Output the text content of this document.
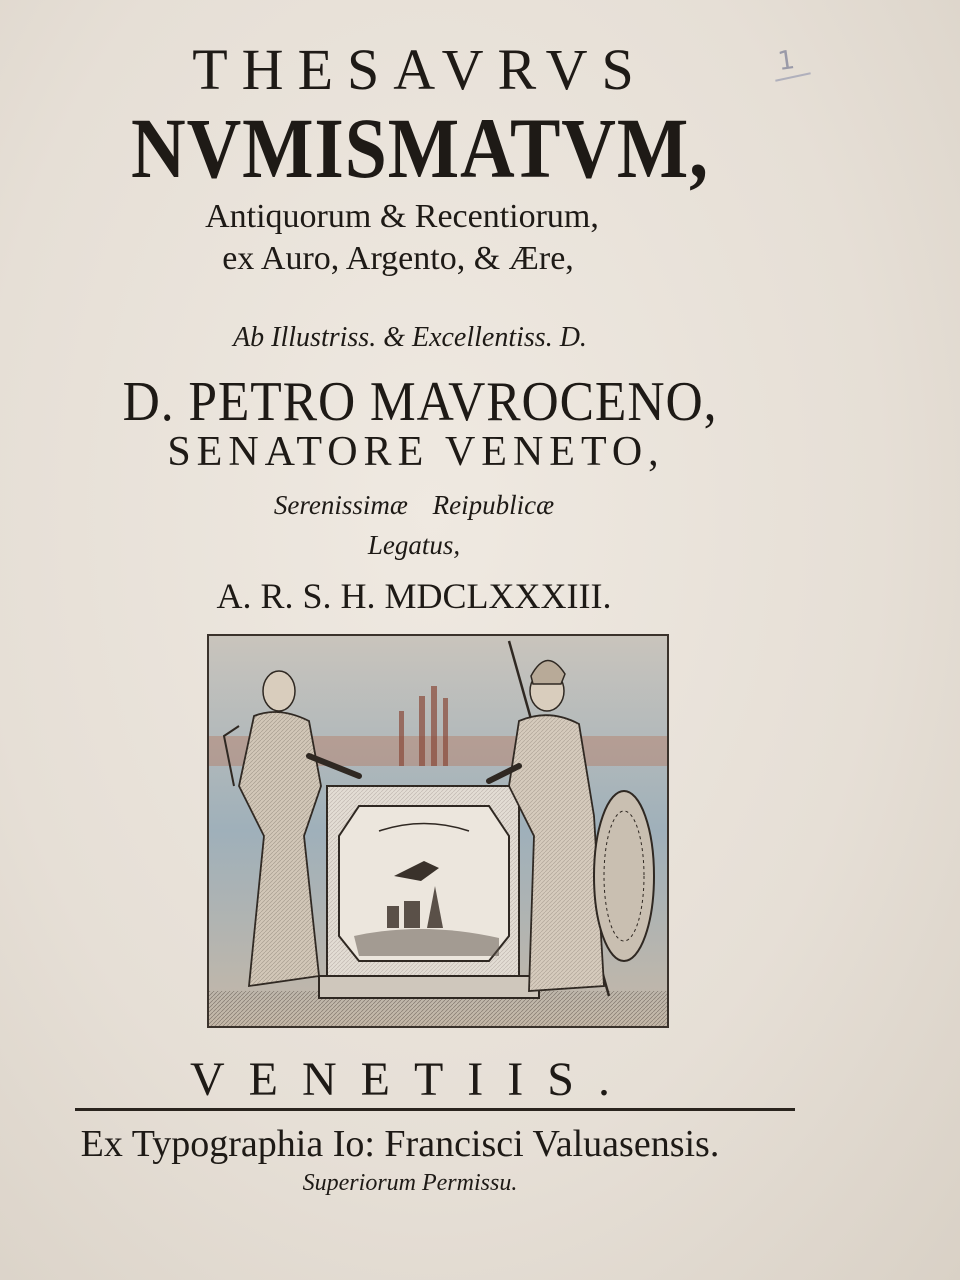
1
THESAVRVS
NVMISMATVM,
Antiquorum & Recentiorum,
ex Auro, Argento, & Ære,

Ab Illustriss. & Excellentiss. D.
D. PETRO MAVROCENO,
SENATORE VENETO,
Serenissimæ Reipublicæ
Legatus,
A. R. S. H. MDCLXXXIII.
VENETIIS.
Ex Typographia Io: Francisci Valuasensis.
Superiorum Permissu.
